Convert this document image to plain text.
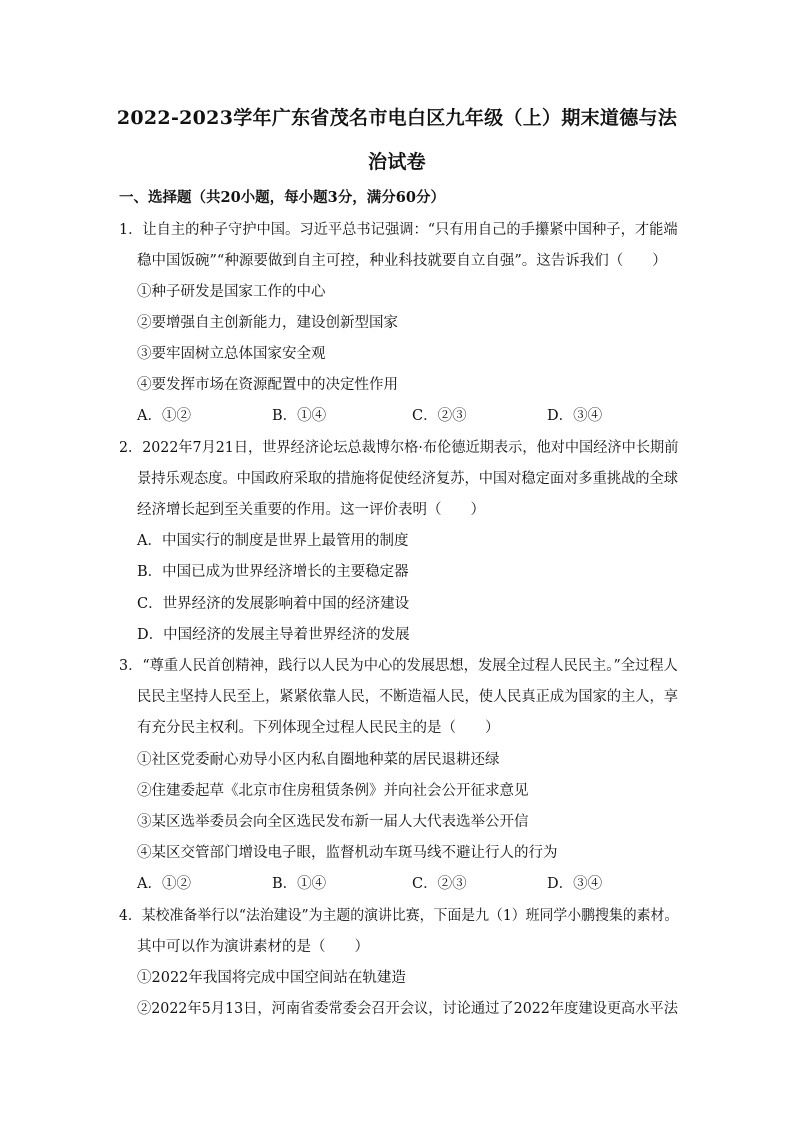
2022-2023学年广东省茂名市电白区九年级（上）期末道德与法
治试卷
一、选择题（共20小题，每小题3分，满分60分）
1．让自主的种子守护中国。习近平总书记强调：“只有用自己的手攥紧中国种子，才能端
稳中国饭碗”“种源要做到自主可控，种业科技就要自立自强”。这告诉我们（　　）
①种子研发是国家工作的中心
②要增强自主创新能力，建设创新型国家
③要牢固树立总体国家安全观
④要发挥市场在资源配置中的决定性作用
A．①②	B．①④	C．②③	D．③④
2．2022年7月21日，世界经济论坛总裁博尔格·布伦德近期表示，他对中国经济中长期前
景持乐观态度。中国政府采取的措施将促使经济复苏，中国对稳定面对多重挑战的全球
经济增长起到至关重要的作用。这一评价表明（　　）
A．中国实行的制度是世界上最管用的制度
B．中国已成为世界经济增长的主要稳定器
C．世界经济的发展影响着中国的经济建设
D．中国经济的发展主导着世界经济的发展
3．“尊重人民首创精神，践行以人民为中心的发展思想，发展全过程人民民主。”全过程人
民民主坚持人民至上，紧紧依靠人民，不断造福人民，使人民真正成为国家的主人，享
有充分民主权利。下列体现全过程人民民主的是（　　）
①社区党委耐心劝导小区内私自圈地种菜的居民退耕还绿
②住建委起草《北京市住房租赁条例》并向社会公开征求意见
③某区选举委员会向全区选民发布新一届人大代表选举公开信
④某区交管部门增设电子眼，监督机动车斑马线不避让行人的行为
A．①②	B．①④	C．②③	D．③④
4．某校准备举行以“法治建设”为主题的演讲比赛，下面是九（1）班同学小鹏搜集的素材。
其中可以作为演讲素材的是（　　）
①2022年我国将完成中国空间站在轨建造
②2022年5月13日，河南省委常委会召开会议，讨论通过了2022年度建设更高水平法
